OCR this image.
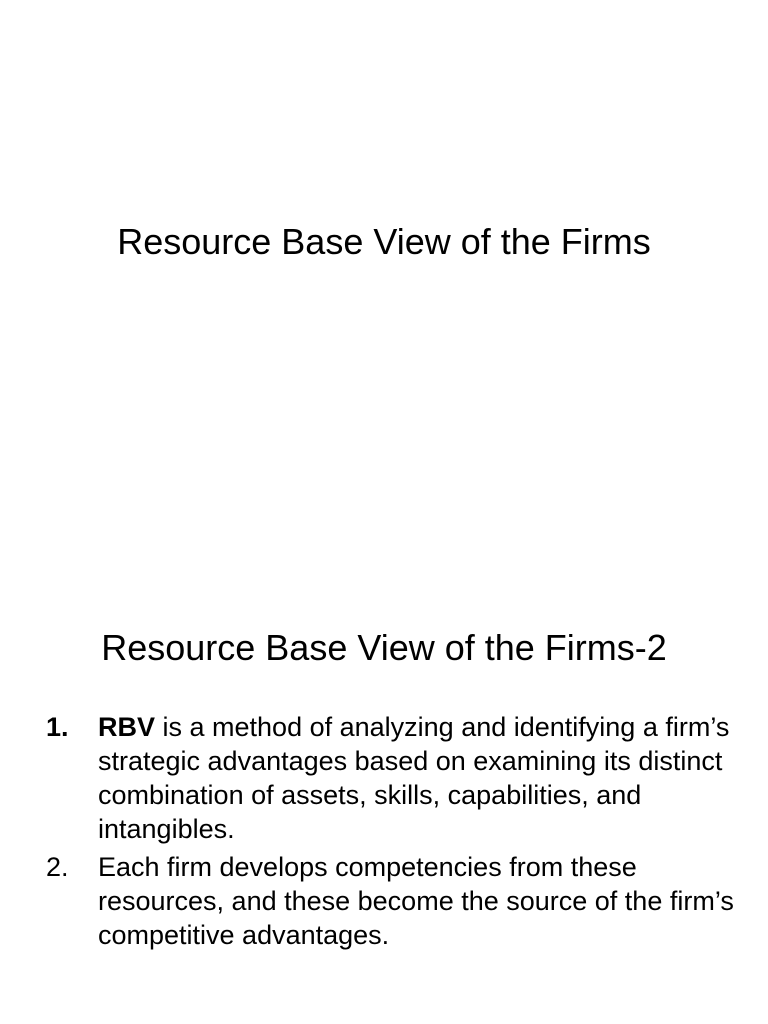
Resource Base View of the Firms
Resource Base View of the Firms-2
1. RBV is a method of analyzing and identifying a firm’s strategic advantages based on examining its distinct combination of assets, skills, capabilities, and intangibles.
2. Each firm develops competencies from these resources, and these become the source of the firm’s competitive advantages.
